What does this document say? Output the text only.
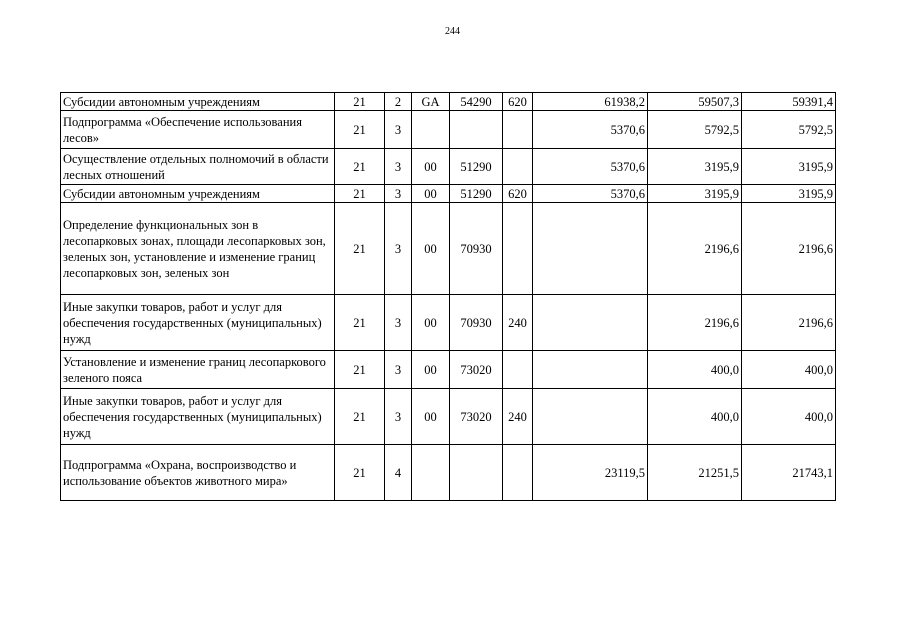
244
Субсидии автономным учреждениям	21	2	GA	54290	620	61938,2	59507,3	59391,4
Подпрограмма «Обеспечение использования лесов»	21	3				5370,6	5792,5	5792,5
Осуществление отдельных полномочий в области лесных отношений	21	3	00	51290		5370,6	3195,9	3195,9
Субсидии автономным учреждениям	21	3	00	51290	620	5370,6	3195,9	3195,9
Определение функциональных зон в лесопарковых зонах, площади лесопарковых зон, зеленых зон, установление и изменение границ лесопарковых зон, зеленых зон	21	3	00	70930			2196,6	2196,6
Иные закупки товаров, работ и услуг для обеспечения государственных (муниципальных) нужд	21	3	00	70930	240		2196,6	2196,6
Установление и изменение границ лесопаркового зеленого пояса	21	3	00	73020			400,0	400,0
Иные закупки товаров, работ и услуг для обеспечения государственных (муниципальных) нужд	21	3	00	73020	240		400,0	400,0
Подпрограмма «Охрана, воспроизводство и использование объектов животного мира»	21	4				23119,5	21251,5	21743,1
